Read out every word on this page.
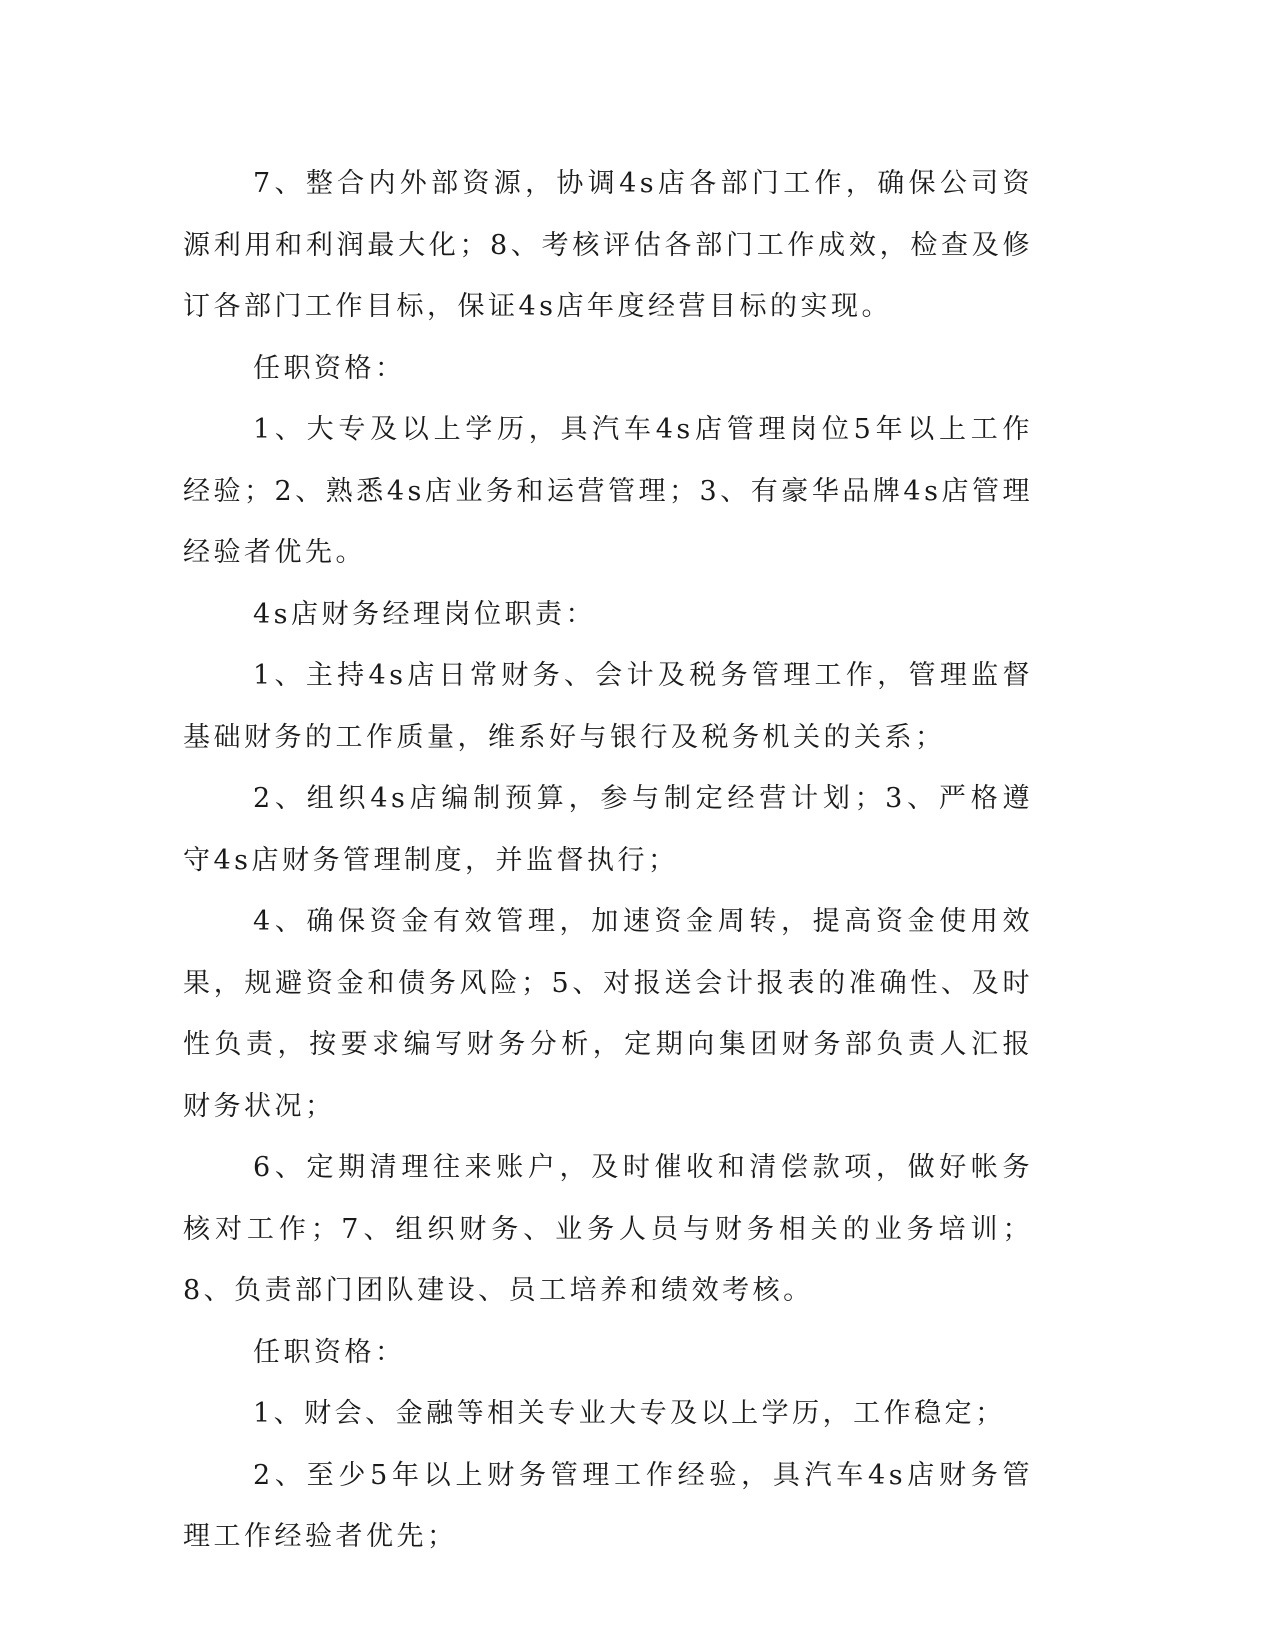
7、整合内外部资源，协调4s店各部门工作，确保公司资源利用和利润最大化；8、考核评估各部门工作成效，检查及修订各部门工作目标，保证4s店年度经营目标的实现。

任职资格：

1、大专及以上学历，具汽车4s店管理岗位5年以上工作经验；2、熟悉4s店业务和运营管理；3、有豪华品牌4s店管理经验者优先。

4s店财务经理岗位职责：

1、主持4s店日常财务、会计及税务管理工作，管理监督基础财务的工作质量，维系好与银行及税务机关的关系；

2、组织4s店编制预算，参与制定经营计划；3、严格遵守4s店财务管理制度，并监督执行；

4、确保资金有效管理，加速资金周转，提高资金使用效果，规避资金和债务风险；5、对报送会计报表的准确性、及时性负责，按要求编写财务分析，定期向集团财务部负责人汇报财务状况；

6、定期清理往来账户，及时催收和清偿款项，做好帐务核对工作；7、组织财务、业务人员与财务相关的业务培训；8、负责部门团队建设、员工培养和绩效考核。

任职资格：

1、财会、金融等相关专业大专及以上学历，工作稳定；

2、至少5年以上财务管理工作经验，具汽车4s店财务管理工作经验者优先；
